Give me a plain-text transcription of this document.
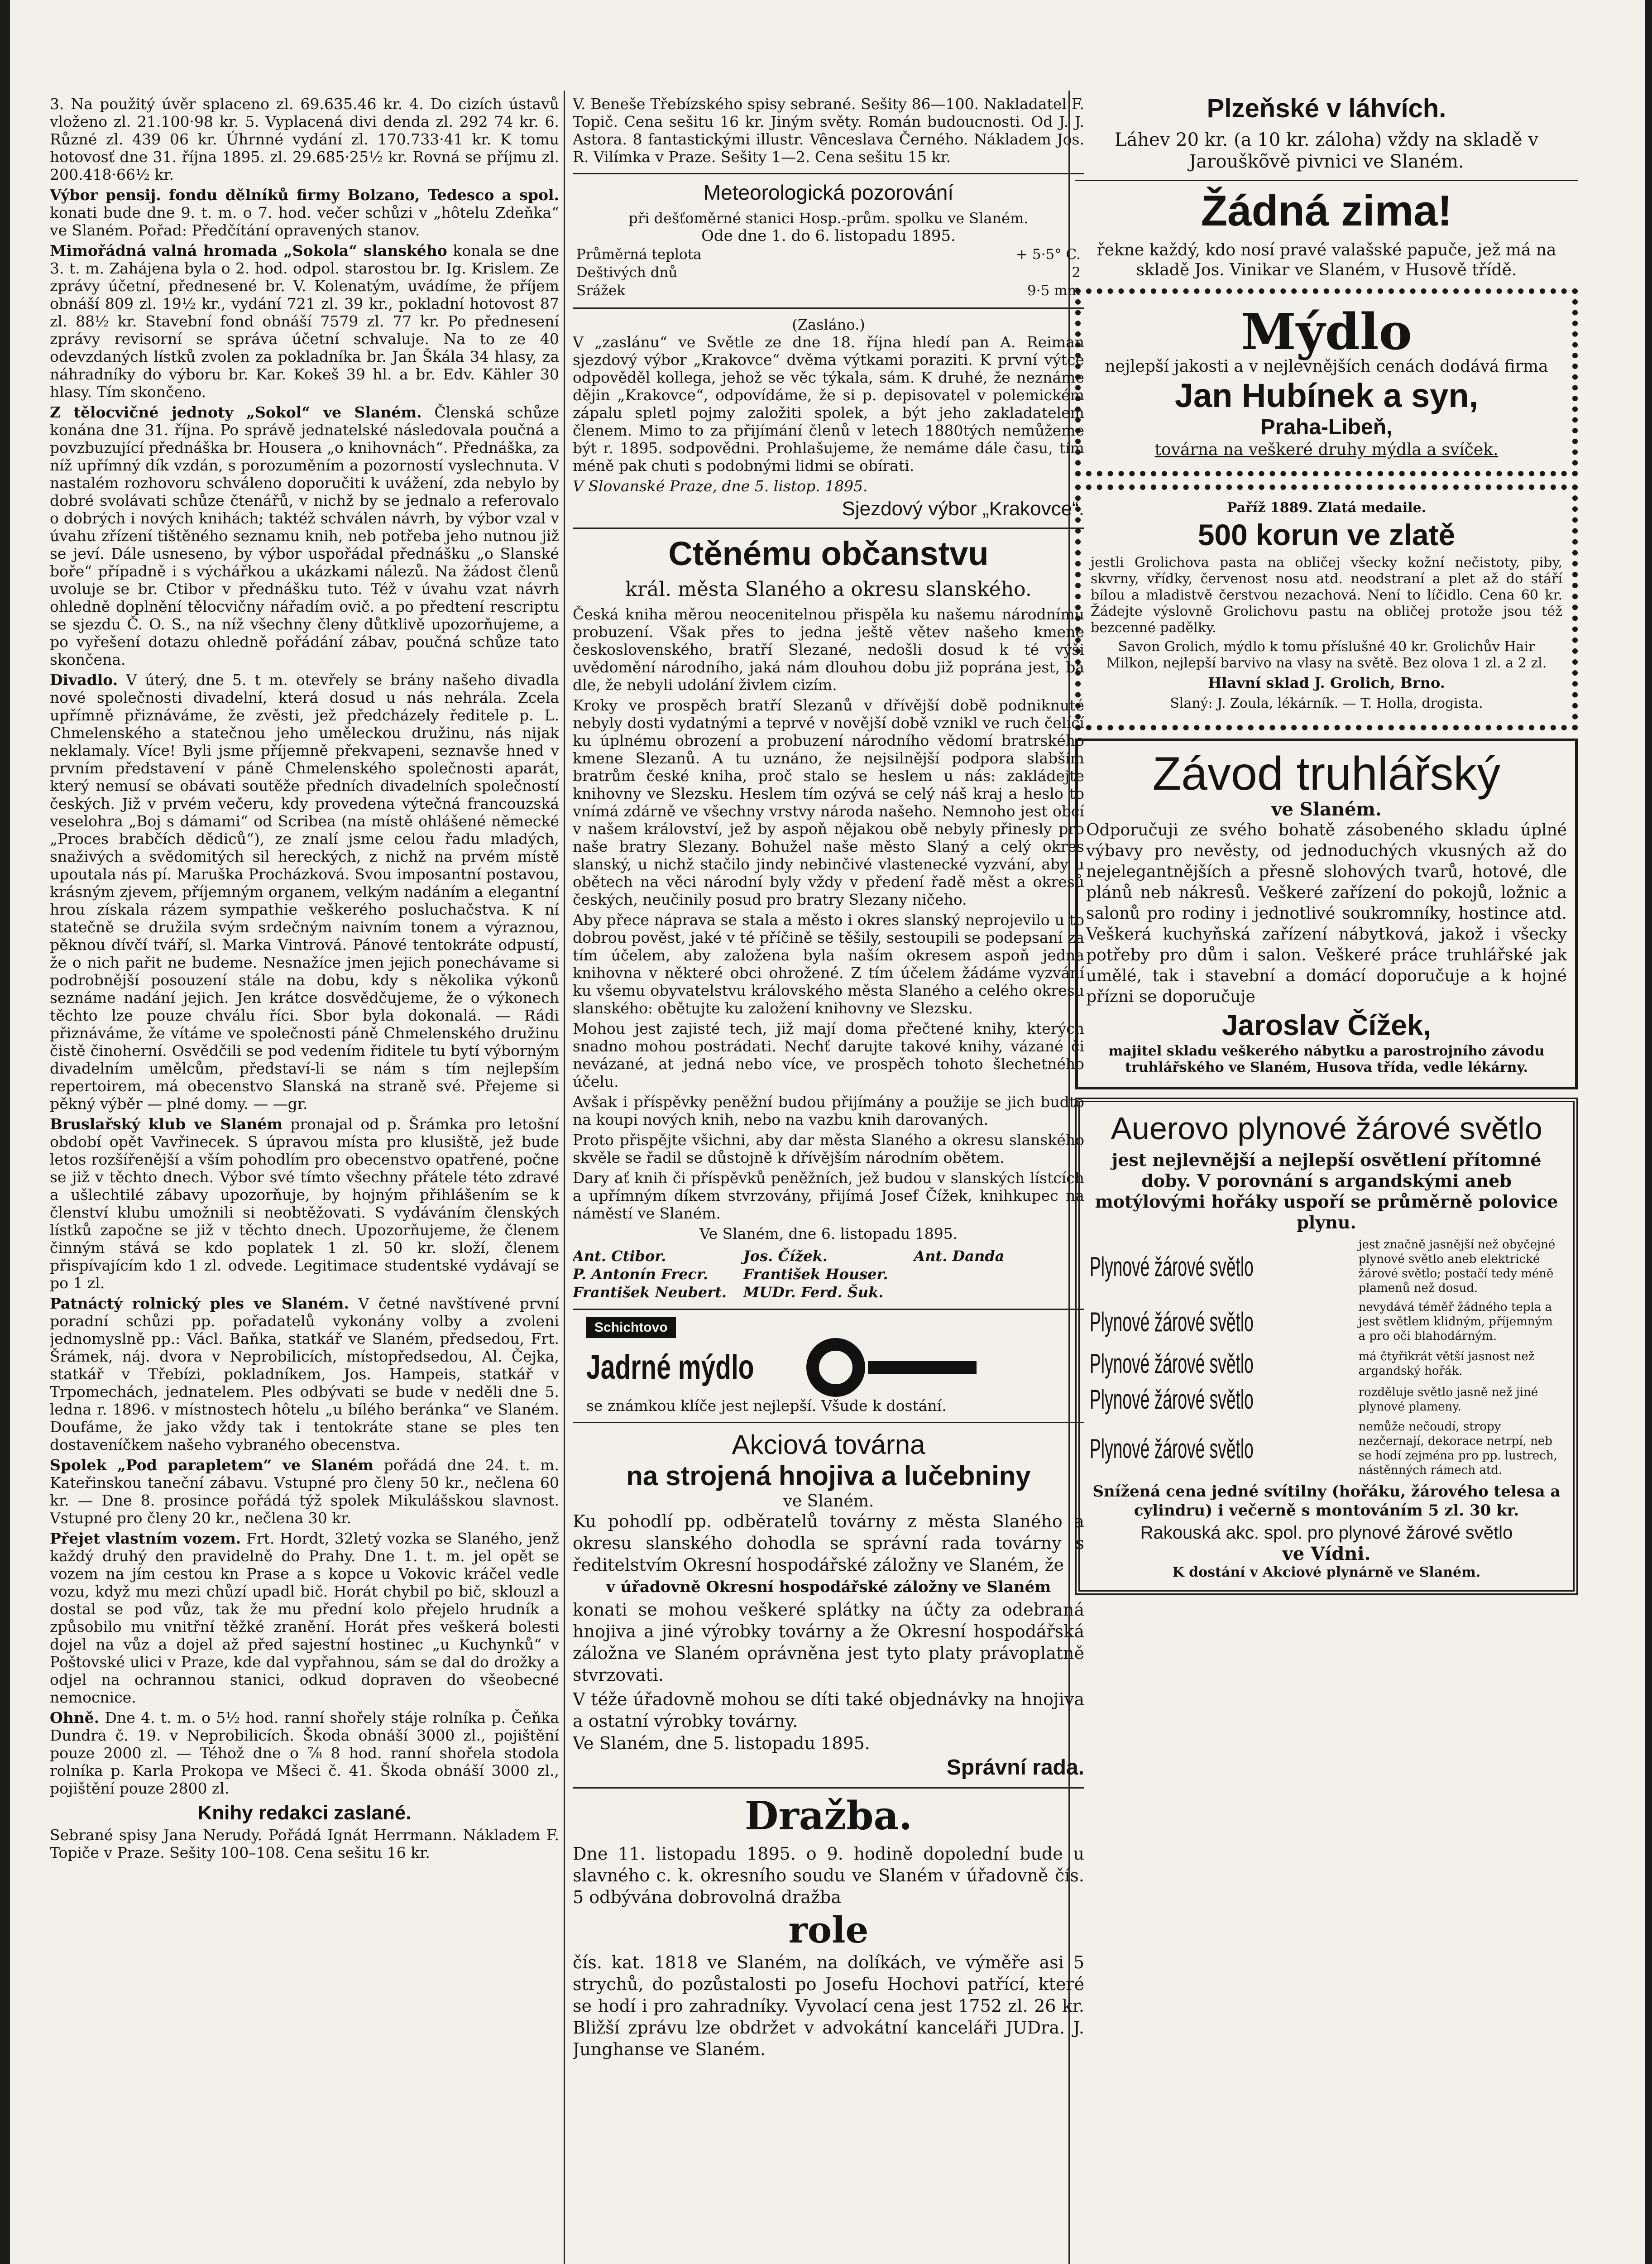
3. Na použitý úvěr splaceno zl. 69.635.46 kr. 4. Do cizích ústavů vloženo zl. 21.100·98 kr. 5. Vyplacená divi denda zl. 292 74 kr. 6. Různé zl. 439 06 kr. Úhrnné vydání zl. 170.733·41 kr. K tomu hotovosť dne 31. října 1895. zl. 29.685·25½ kr. Rovná se příjmu zl. 200.418·66½ kr.

Výbor pensij. fondu dělníků firmy Bolzano, Tedesco a spol. konati bude dne 9. t. m. o 7. hod. večer schůzi v „hôtelu Zdeňka“ ve Slaném. Pořad: Předčítání opravených stanov.

Mimořádná valná hromada „Sokola“ slanského konala se dne 3. t. m. Zahájena byla o 2. hod. odpol. starostou br. Ig. Krislem. Ze zprávy účetní, přednesené br. V. Kolenatým, uvádíme, že příjem obnáší 809 zl. 19½ kr., vydání 721 zl. 39 kr., pokladní hotovost 87 zl. 88½ kr. Stavební fond obnáší 7579 zl. 77 kr. Po přednesení zprávy revisorní se správa účetní schvaluje. Na to ze 40 odevzdaných lístků zvolen za pokladníka br. Jan Škála 34 hlasy, za náhradníky do výboru br. Kar. Kokeš 39 hl. a br. Edv. Kähler 30 hlasy. Tím skončeno.

Z tělocvičné jednoty „Sokol“ ve Slaném. Členská schůze konána dne 31. října. Po správě jednatelské následovala poučná a povzbuzující přednáška br. Houserа „o knihovnách“. Přednáška, za níž upřímný dík vzdán, s porozuměním a pozorností vyslechnuta. V nastalém rozhovoru schváleno doporučiti k uvážení, zda nebylo by dobré svolávati schůze čtenářů, v nichž by se jednalo a referovalo o dobrých i nových knihách; taktéž schválen návrh, by výbor vzal v úvahu zřízení tištěného seznamu knih, neb potřeba jeho nutnou již se jeví. Dále usneseno, by výbor uspořádal přednášku „o Slanské boře“ případně i s výchářkou a ukázkami nálezů. Na žádost členů uvoluje se br. Ctibor v přednášku tuto. Též v úvahu vzat návrh ohledně doplnění tělocvičny nářadím ovič. a po předtení rescriptu se sjezdu Č. O. S., na níž všechny členy důtklivě upozorňujeme, a po vyřešení dotazu ohledně pořádání zábav, poučná schůze tato skončena.

Divadlo. V úterý, dne 5. t m. otevřely se brány našeho divadla nové společnosti divadelní, která dosud u nás nehrála. Zcela upřímně přiznáváme, že zvěsti, jež předcházely ředitele p. L. Chmelenského a statečnou jeho uměleckou družinu, nás nijak neklamaly. Více! Byli jsme příjemně překvapeni, seznavše hned v prvním představení v páně Chmelenského společnosti aparát, který nemusí se obávati soutěže předních divadelních společností českých. Již v prvém večeru, kdy provedena výtečná francouzská veselohra „Boj s dámami“ od Scribea (na místě ohlášené německé „Proces brabčích dědiců“), ze znalí jsme celou řadu mladých, snaživých a svědomitých sil hereckých, z nichž na prvém místě upoutala nás pí. Maruška Procházková. Svou imposantní postavou, krásným zjevem, příjemným organem, velkým nadáním a elegantní hrou získala rázem sympathie veškerého posluchačstva. K ní statečně se družila svým srdečným naivním tonem a výraznou, pěknou dívčí tváří, sl. Marka Vintrová. Pánové tentokráte odpustí, že o nich pařit ne budeme. Nesnažíce jmen jejich ponechávame si podrobnější posouzení stále na dobu, kdy s několika výkonů seznáme nadání jejich. Jen krátce dosvědčujeme, že o výkonech těchto lze pouze chválu říci. Sbor byla dokonalá. — Rádi přiznáváme, že vítáme ve společnosti páně Chmelenského družinu čistě činoherní. Osvědčili se pod vedením řiditele tu bytí výborným divadelním umělcům, představí-li se nám s tím nejlepším repertoirem, má obecenstvo Slanská na straně své. Přejeme si pěkný výběr — plné domy. — —gr.

Bruslařský klub ve Slaném pronajal od p. Šrámka pro letošní období opět Vavřinecek. S úpravou místa pro klusiště, jež bude letos rozšířenější a vším pohodlím pro obecenstvo opatřené, počne se již v těchto dnech. Výbor své tímto všechny přátele této zdravé a ušlechtilé zábavy upozorňuje, by hojným přihlášením se k členství klubu umožnili si neobtěžovati. S vydáváním členských lístků započne se již v těchto dnech. Upozorňujeme, že členem činným stává se kdo poplatek 1 zl. 50 kr. složí, členem přispívajícím kdo 1 zl. odvede. Legitimace studentské vydávají se po 1 zl.

Patnáctý rolnický ples ve Slaném. V četné navštívené první poradní schůzi pp. pořadatelů vykonány volby a zvoleni jednomyslně pp.: Václ. Baňka, statkář ve Slaném, předsedou, Frt. Šrámek, náj. dvora v Neprobilicích, místopředsedou, Al. Čejka, statkář v Třebízi, pokladníkem, Jos. Hampeis, statkář v Trpomechách, jednatelem. Ples odbývati se bude v neděli dne 5. ledna r. 1896. v místnostech hôtelu „u bílého beránka“ ve Slaném. Doufáme, že jako vždy tak i tentokráte stane se ples ten dostaveníčkem našeho vybraného obecenstva.

Spolek „Pod parapletem“ ve Slaném pořádá dne 24. t. m. Kateřinskou taneční zábavu. Vstupné pro členy 50 kr., nečlena 60 kr. — Dne 8. prosince pořádá týž spolek Mikulášskou slavnost. Vstupné pro členy 20 kr., nečlena 30 kr.

Přejet vlastním vozem. Frt. Hordt, 32letý vozka se Slaného, jenž každý druhý den pravidelně do Prahy. Dne 1. t. m. jel opět se vozem na jím cestou kn Prase a s kopce u Vokovic kráčel vedle vozu, když mu mezi chůzí upadl bič. Horát chybil po bič, sklouzl a dostal se pod vůz, tak že mu přední kolo přejelo hrudník a způsobilo mu vnitřní těžké zranění. Horát přes veškerá bolesti dojel na vůz a dojel až před sajestní hostinec „u Kuchynků“ v Poštovské ulici v Praze, kde dal vypřahnou, sám se dal do drožky a odjel na ochrannou stanici, odkud dopraven do všeobecné nemocnice.

Ohně. Dne 4. t. m. o 5½ hod. ranní shořely stáje rolníka p. Čeňka Dundra č. 19. v Neprobilicích. Škoda obnáší 3000 zl., pojištění pouze 2000 zl. — Téhož dne o ⅞ 8 hod. ranní shořela stodola rolníka p. Karla Prokopa ve Mšeci č. 41. Škoda obnáší 3000 zl., pojištění pouze 2800 zl.

Knihy redakci zaslané.

Sebrané spisy Jana Nerudy. Pořádá Ignát Herrmann. Nákladem F. Topiče v Praze. Sešity 100–108. Cena sešitu 16 kr.

V. Beneše Třebízského spisy sebrané. Sešity 86—100. Nakladatel F. Topič. Cena sešitu 16 kr. Jiným světy. Román budoucnosti. Od J. J. Astora. 8 fantastickými illustr. Vênceslava Černého. Nákladem Jos. R. Vilímka v Praze. Sešity 1—2. Cena sešitu 15 kr.

Meteorologická pozorování
při dešťoměrné stanici Hosp.-prům. spolku ve Slaném.
Ode dne 1. do 6. listopadu 1895.
Průměrná teplota	+ 5·5° C.
Deštivých dnů	2
Srážek	9·5 mm
(Zasláno.)

V „zaslánu“ ve Světle ze dne 18. října hledí pan A. Reiman sjezdový výbor „Krakovce“ dvěma výtkami poraziti. K první výtce odpověděl kollega, jehož se věc týkala, sám. K druhé, že neznáme dějin „Krakovce“, odpovídáme, že si p. depisovatel v polemickém zápalu spletl pojmy založiti spolek, a být jeho zakladatelem členem. Mimo to za přijímání členů v letech 1880tých nemůžeme být r. 1895. sodpovědni. Prohlašujeme, že nemáme dále času, tím méně pak chuti s podobnými lidmi se obírati.

V Slovanské Praze, dne 5. listop. 1895.

Sjezdový výbor „Krakovce“.
Ctěnému občanstvu
král. města Slaného a okresu slanského.

Česká kniha měrou neocenitelnou přispěla ku našemu národnímu probuzení. Však přes to jedna ještě větev našeho kmene československého, bratří Slezané, nedošli dosud k té výši uvědomění národního, jaká nám dlouhou dobu již poprána jest, ba dle, že nebyli udolání živlem cizím.

Kroky ve prospěch bratří Slezanů v dřívější době podniknuté nebyly dosti vydatnými a teprvé v novější době vznikl ve ruch čelící ku úplnému obrození a probuzení národního vědomí bratrského kmene Slezanů. A tu uznáno, že nejsilnější podpora slabším bratrům české kniha, proč stalo se heslem u nás: zakládejte knihovny ve Slezsku. Heslem tím ozývá se celý náš kraj a heslo to vnímá zdárně ve všechny vrstvy národa našeho. Nemnoho jest obcí v našem království, jež by aspoň nějakou obě nebyly přinesly pro naše bratry Slezany. Bohužel naše město Slaný a celý okres slanský, u nichž stačilo jindy nebinčivé vlastenecké vyzvání, aby u obětech na věci národní byly vždy v předení řadě měst a okresů českých, neučinily posud pro bratry Slezany ničeho.

Aby přece náprava se stala a město i okres slanský neprojevilo u to dobrou pověst, jaké v té příčině se těšily, sestoupili se podepsaní za tím účelem, aby založena byla naším okresem aspoň jedna knihovna v některé obci ohrožené. Z tím účelem žádáme vyzvání ku všemu obyvatelstvu královského města Slaného a celého okresu slanského: obětujte ku založení knihovny ve Slezsku.

Mohou jest zajisté tech, již mají doma přečtené knihy, kterých snadno mohou postrádati. Nechť darujte takové knihy, vázané či nevázané, at jedná nebo více, ve prospěch tohoto šlechetného účelu.

Avšak i příspěvky peněžní budou přijímány a použije se jich budto na koupi nových knih, nebo na vazbu knih darovaných.

Proto přispějte všichni, aby dar města Slaného a okresu slanského skvěle se řadil se důstojně k dřívějším národním obětem.

Dary ať knih či příspěvků peněžních, jež budou v slanských lístcích a upřímným díkem stvrzovány, přijímá Josef Čížek, knihkupec na náměstí ve Slaném.

Ve Slaném, dne 6. listopadu 1895.

Ant. Ctibor.	Jos. Čížek.	Ant. Danda
P. Antonín Frecr.	František Houser.
František Neubert.	MUDr. Ferd. Šuk.
Schichtovo
Jadrné mýdlo

se známkou klíče jest nejlepší. Všude k dostání.

Akciová továrna
na strojená hnojiva a lučebniny
ve Slaném.

Ku pohodlí pp. odběratelů továrny z města Slaného a okresu slanského dohodla se správní rada továrny s ředitelstvím Okresní hospodářské záložny ve Slaném, že

v úřadovně Okresní hospodářské záložny ve Slaném

konati se mohou veškeré splátky na účty za odebraná hnojiva a jiné výrobky továrny a že Okresní hospodářská záložna ve Slaném oprávněna jest tyto platy právoplatně stvrzovati.

V téže úřadovně mohou se díti také objednávky na hnojiva a ostatní výrobky továrny.

Ve Slaném, dne 5. listopadu 1895.

Správní rada.
Dražba.

Dne 11. listopadu 1895. o 9. hodině dopolední bude u slavného c. k. okresního soudu ve Slaném v úřadovně čís. 5 odbývána dobrovolná dražba

role

čís. kat. 1818 ve Slaném, na dolíkách, ve výměře asi 5 strychů, do pozůstalosti po Josefu Hochovi patřící, které se hodí i pro zahradníky. Vyvolací cena jest 1752 zl. 26 kr. Bližší zprávu lze obdržet v advokátní kanceláři JUDra. J. Junghanse ve Slaném.

Plzeňské v láhvích.

Láhev 20 kr. (a 10 kr. záloha) vždy na skladě v Jarouškõvě pivnici ve Slaném.

Žádná zima!

řekne každý, kdo nosí pravé valašské papuče, jež má na skladě Jos. Vinikar ve Slaném, v Husově třídě.

Mýdlo

nejlepší jakosti a v nejlevnějších cenách dodává firma

Jan Hubínek a syn,
Praha-Libeň,
továrna na veškeré druhy mýdla a svíček.
Paříž 1889. Zlatá medaile.
500 korun ve zlatě

jestli Grolichova pasta na obličej všecky kožní nečistoty, piby, skvrny, vřídky, červenost nosu atd. neodstraní a plet až do stáří bílou a mladistvě čerstvou nezachová. Není to líčidlo. Cena 60 kr. Žádejte výslovně Grolichovu pastu na obličej protože jsou též bezcenné padělky.

Savon Grolich, mýdlo k tomu příslušné 40 kr. Grolichův Hair Milkon, nejlepší barvivo na vlasy na světě. Bez olova 1 zl. a 2 zl.

Hlavní sklad J. Grolich, Brno.

Slaný: J. Zoula, lékárník. — T. Holla, drogista.

Závod truhlářský
ve Slaném.

Odporučuji ze svého bohatě zásobeného skladu úplné výbavy pro nevěsty, od jednoduchých vkusných až do nejelegantnějších a přesně slohových tvarů, hotové, dle plánů neb nákresů. Veškeré zařízení do pokojů, ložnic a salonů pro rodiny i jednotlivé soukromníky, hostince atd. Veškerá kuchyňská zařízení nábytková, jakož i všecky potřeby pro dům i salon. Veškeré práce truhlářské jak umělé, tak i stavební a domácí doporučuje a k hojné přízni se doporučuje

Jaroslav Čížek,

majitel skladu veškerého nábytku a parostrojního závodu truhlářského ve Slaném, Husova třída, vedle lékárny.

Auerovo plynové žárové světlo

jest nejlevnější a nejlepší osvětlení přítomné doby. V porovnání s argandskými aneb motýlovými hořáky uspoří se průměrně polovice plynu.

Plynové žárové světlo
jest značně jasnější než obyčejné plynové světlo aneb elektrické žárové světlo; postačí tedy méně plamenů než dosud.
Plynové žárové světlo	nevydává téměř žádného tepla a jest světlem klidným, příjemným a pro oči blahodárným.
Plynové žárové světlo	má čtyřikrát větší jasnost než argandský hořák.
Plynové žárové světlo	rozděluje světlo jasně než jiné plynové plameny.
Plynové žárové světlo
nemůže nečoudí, stropy nezčernají, dekorace netrpí, neb se hodí zejména pro pp. lustrech, nástěnných rámech atd.

Snížená cena jedné svítilny (hořáku, žárového telesa a cylindru) i večerně s montováním 5 zl. 30 kr.

Rakouská akc. spol. pro plynové žárové světlo
ve Vídni.
K dostání v Akciové plynárně ve Slaném.
